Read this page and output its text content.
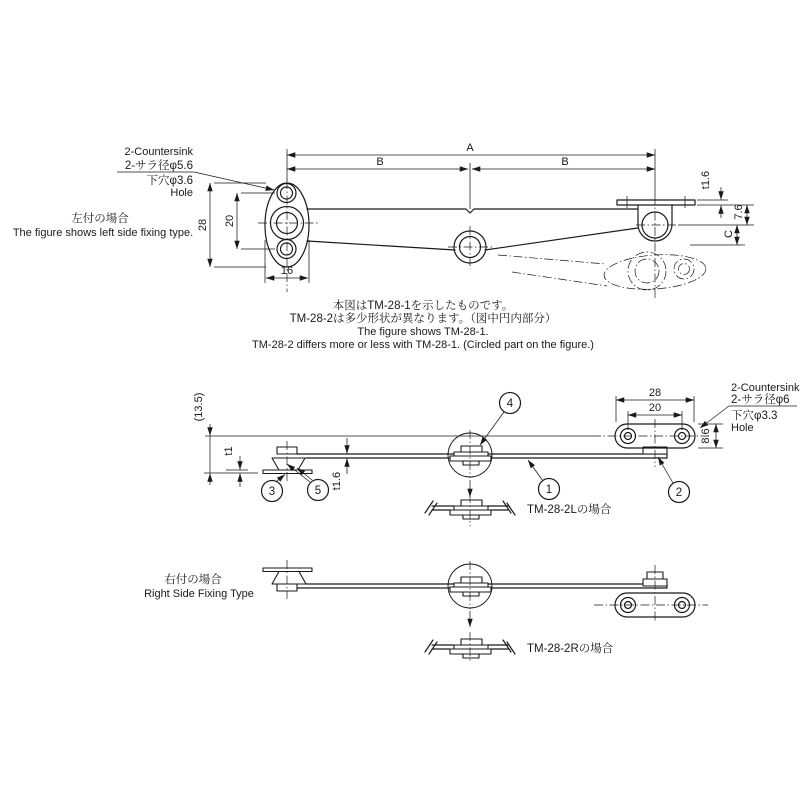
A
B	B
28 20
16
t1.6
7.6
C
2-Countersink
2-サラ径φ5.6
下穴φ3.6
Hole
左付の場合
The figure shows left side fixing type.
本図はTM-28-1を示したものです。
TM-28-2は多少形状が異なります。（図中円内部分）
The figure shows TM-28-1.
TM-28-2 differs more or less with TM-28-1. (Circled part on the figure.)
TM-28-2Lの場合
3	5
4
1	2
(13.5)
t1
t1.6
28
20
8.6
2-Countersink
2-サラ径φ6
下穴φ3.3
Hole
右付の場合
Right Side Fixing Type
TM-28-2Rの場合
